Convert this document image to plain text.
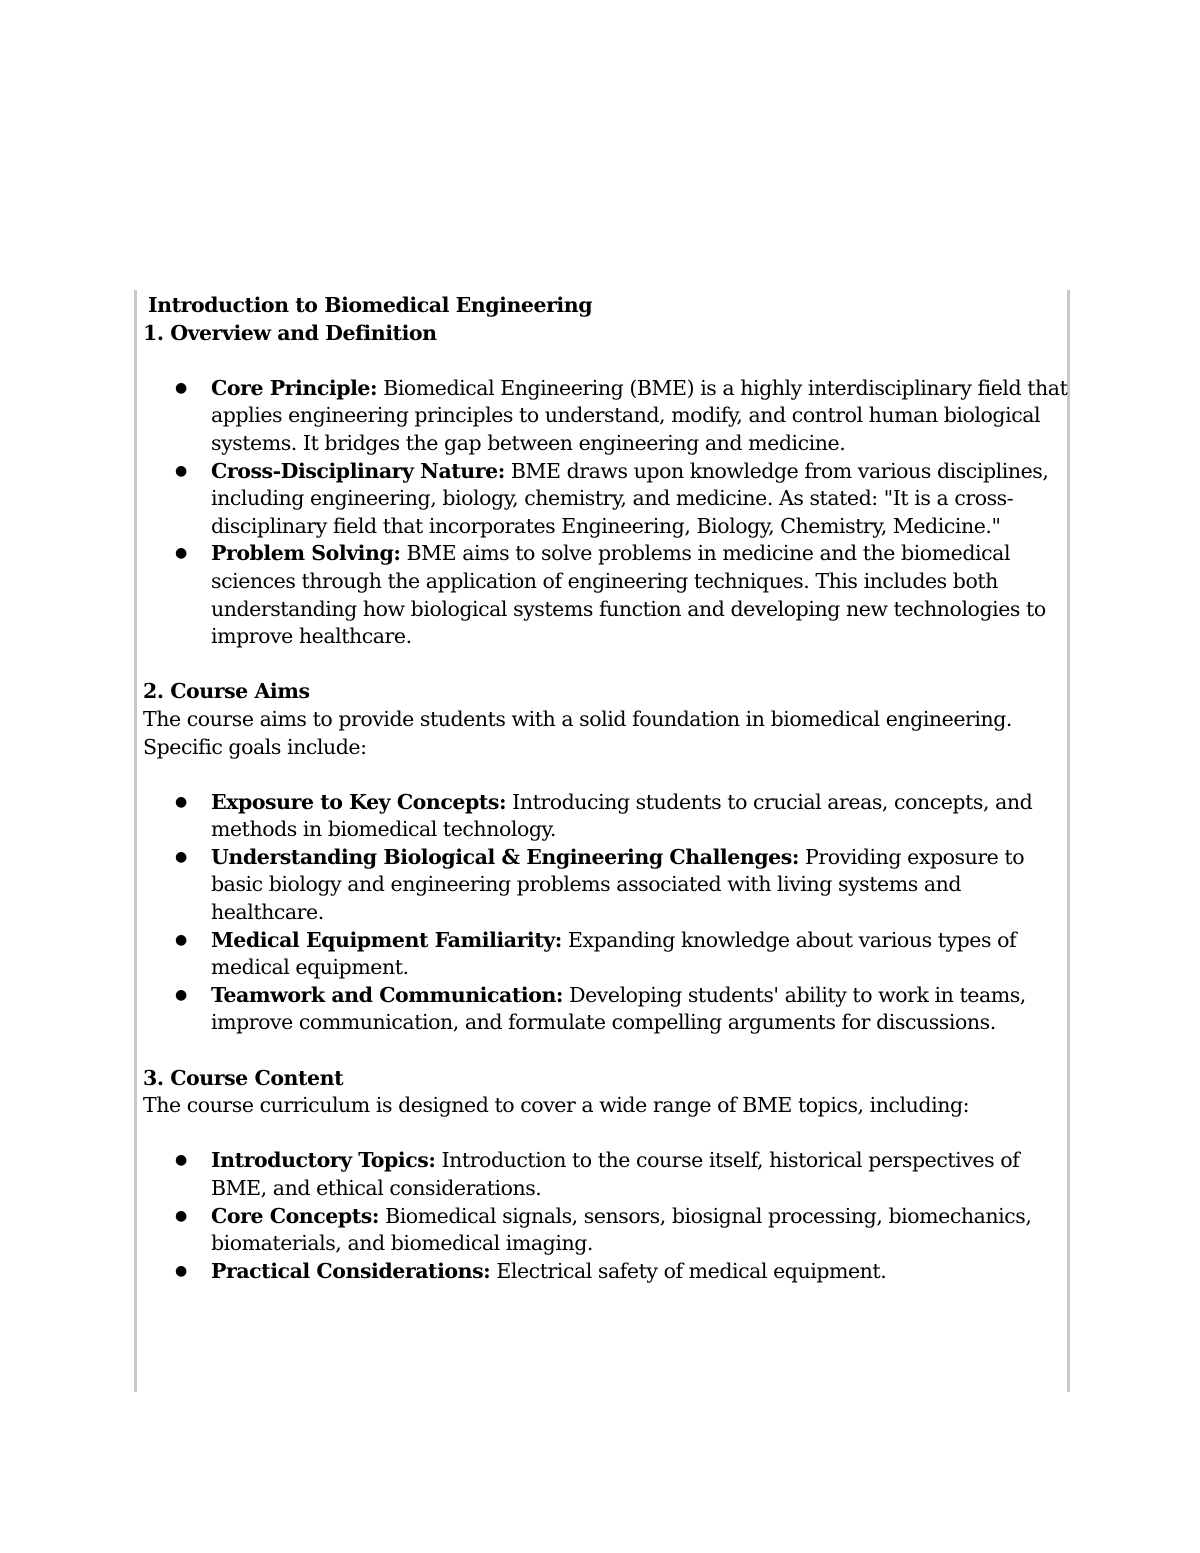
Introduction to Biomedical Engineering
1. Overview and Definition
● Core Principle: Biomedical Engineering (BME) is a highly interdisciplinary field that applies engineering principles to understand, modify, and control human biological systems. It bridges the gap between engineering and medicine.
● Cross-Disciplinary Nature: BME draws upon knowledge from various disciplines, including engineering, biology, chemistry, and medicine. As stated: "It is a cross-disciplinary field that incorporates Engineering, Biology, Chemistry, Medicine."
● Problem Solving: BME aims to solve problems in medicine and the biomedical sciences through the application of engineering techniques. This includes both understanding how biological systems function and developing new technologies to improve healthcare.
2. Course Aims

The course aims to provide students with a solid foundation in biomedical engineering. Specific goals include:

● Exposure to Key Concepts: Introducing students to crucial areas, concepts, and methods in biomedical technology.
● Understanding Biological & Engineering Challenges: Providing exposure to basic biology and engineering problems associated with living systems and healthcare.
● Medical Equipment Familiarity: Expanding knowledge about various types of medical equipment.
● Teamwork and Communication: Developing students' ability to work in teams, improve communication, and formulate compelling arguments for discussions.
3. Course Content

The course curriculum is designed to cover a wide range of BME topics, including:

● Introductory Topics: Introduction to the course itself, historical perspectives of BME, and ethical considerations.
● Core Concepts: Biomedical signals, sensors, biosignal processing, biomechanics, biomaterials, and biomedical imaging.
● Practical Considerations: Electrical safety of medical equipment.
